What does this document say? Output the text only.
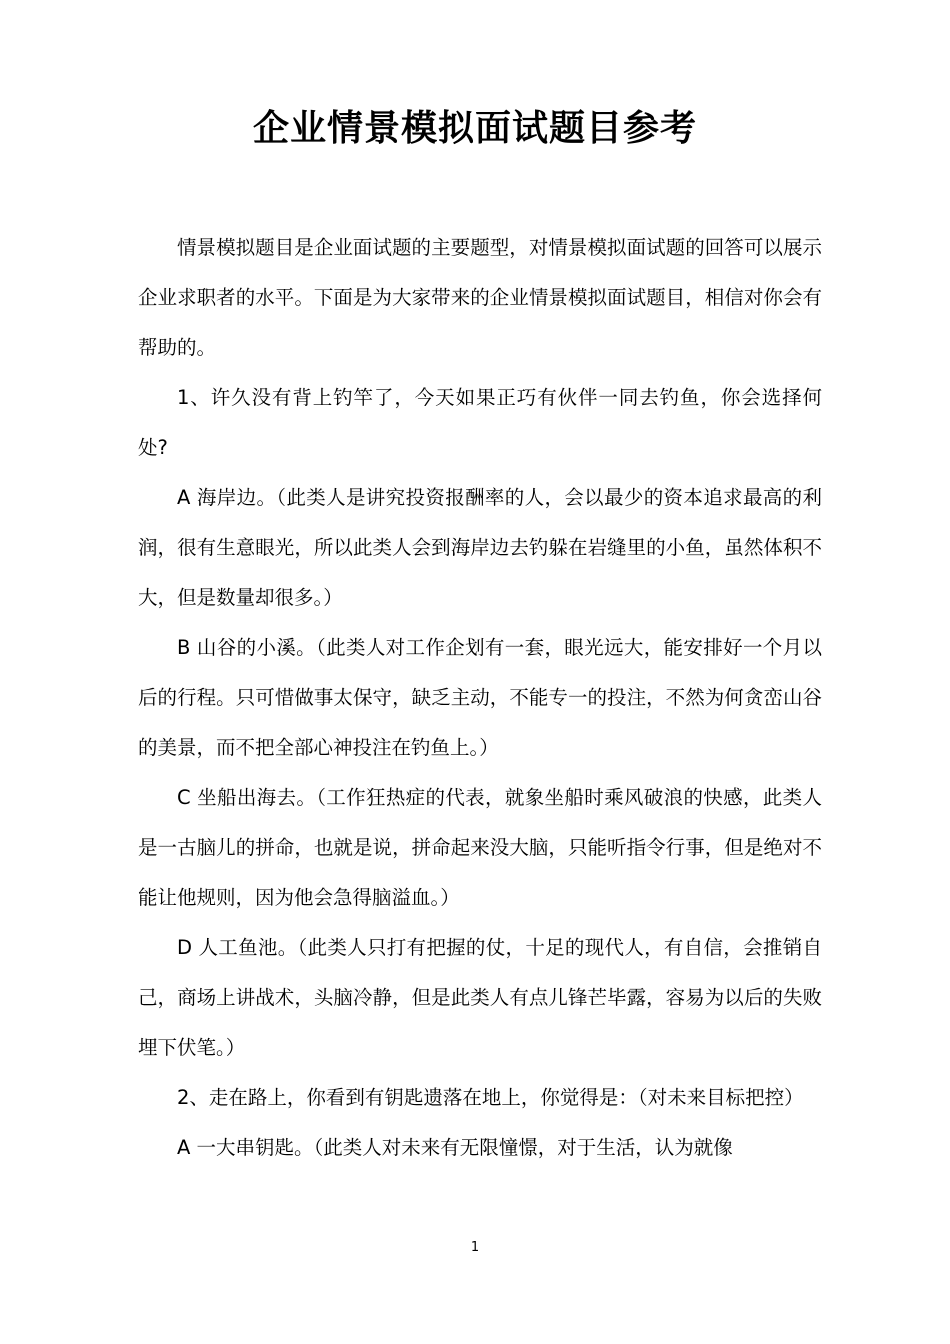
企业情景模拟面试题目参考

情景模拟题目是企业面试题的主要题型，对情景模拟面试题的回答可以展示企业求职者的水平。下面是为大家带来的企业情景模拟面试题目，相信对你会有帮助的。

1、许久没有背上钓竿了，今天如果正巧有伙伴一同去钓鱼，你会选择何处?

A 海岸边。（此类人是讲究投资报酬率的人，会以最少的资本追求最高的利润，很有生意眼光，所以此类人会到海岸边去钓躲在岩缝里的小鱼，虽然体积不大，但是数量却很多。）

B 山谷的小溪。（此类人对工作企划有一套，眼光远大，能安排好一个月以后的行程。只可惜做事太保守，缺乏主动，不能专一的投注，不然为何贪峦山谷的美景，而不把全部心神投注在钓鱼上。）

C 坐船出海去。（工作狂热症的代表，就象坐船时乘风破浪的快感，此类人是一古脑儿的拼命，也就是说，拼命起来没大脑，只能听指令行事，但是绝对不能让他规则，因为他会急得脑溢血。）

D 人工鱼池。（此类人只打有把握的仗，十足的现代人，有自信，会推销自己，商场上讲战术，头脑冷静，但是此类人有点儿锋芒毕露，容易为以后的失败埋下伏笔。）

2、走在路上，你看到有钥匙遗落在地上，你觉得是：（对未来目标把控）

A 一大串钥匙。（此类人对未来有无限憧憬，对于生活，认为就像

1
